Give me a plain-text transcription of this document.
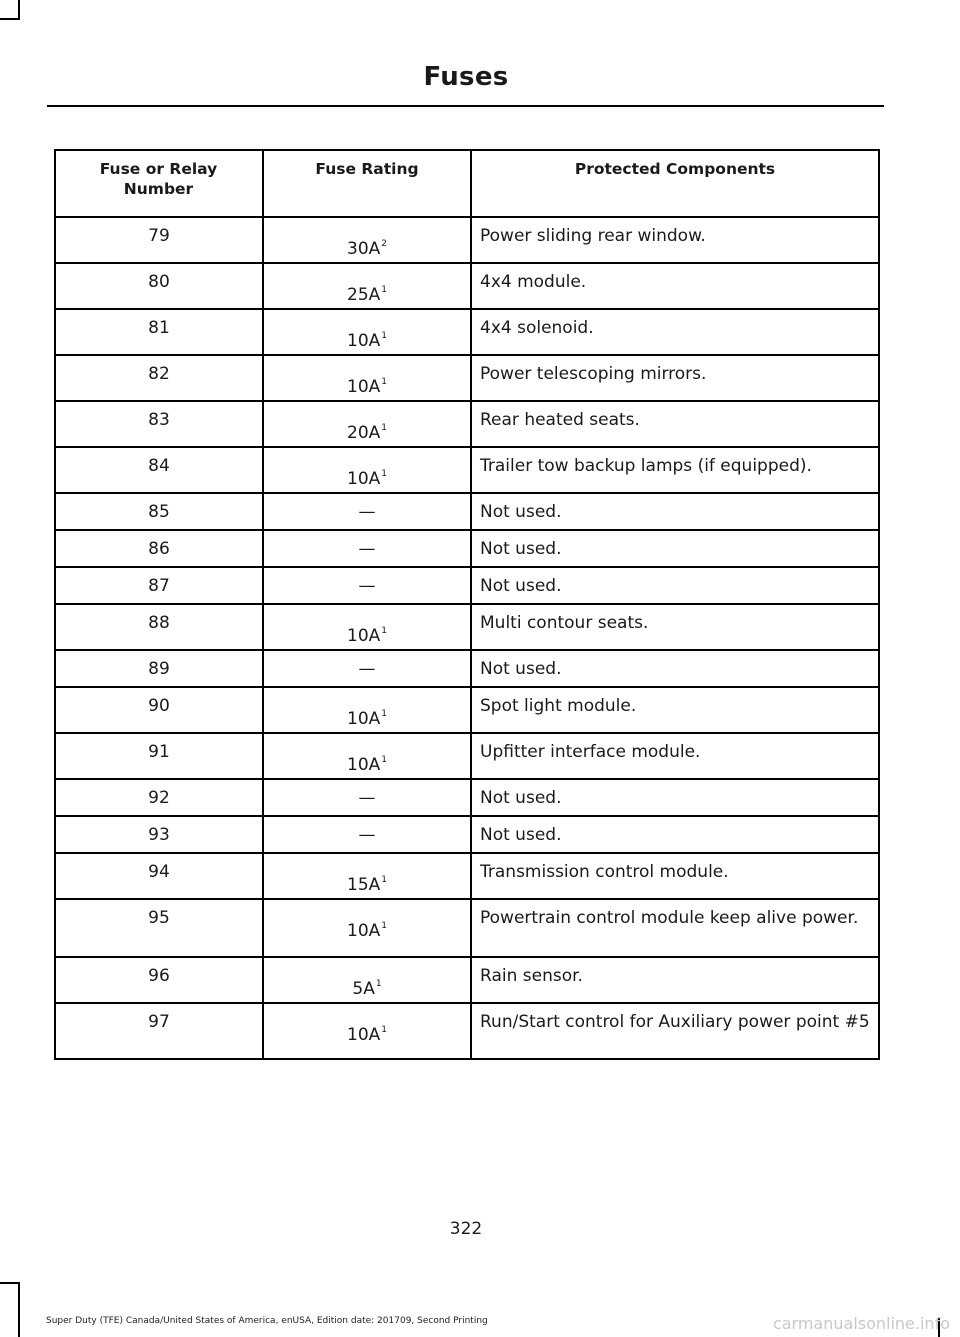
Fuses
Fuse or Relay Number	Fuse Rating	Protected Components
79	30A$^2$	Power sliding rear window.
80	25A$^1$	4x4 module.
81	10A$^1$	4x4 solenoid.
82	10A$^1$	Power telescoping mirrors.
83	20A$^1$	Rear heated seats.
84	10A$^1$	Trailer tow backup lamps (if equipped).
85	—	Not used.
86	—	Not used.
87	—	Not used.
88	10A$^1$	Multi contour seats.
89	—	Not used.
90	10A$^1$	Spot light module.
91	10A$^1$	Upfitter interface module.
92	—	Not used.
93	—	Not used.
94	15A$^1$	Transmission control module.
95	10A$^1$	Powertrain control module keep alive power.
96	5A$^1$	Rain sensor.
97	10A$^1$	Run/Start control for Auxiliary power point #5
322
Super Duty (TFE) Canada/United States of America, enUSA, Edition date: 201709, Second Printing	carmanualsonline.info
